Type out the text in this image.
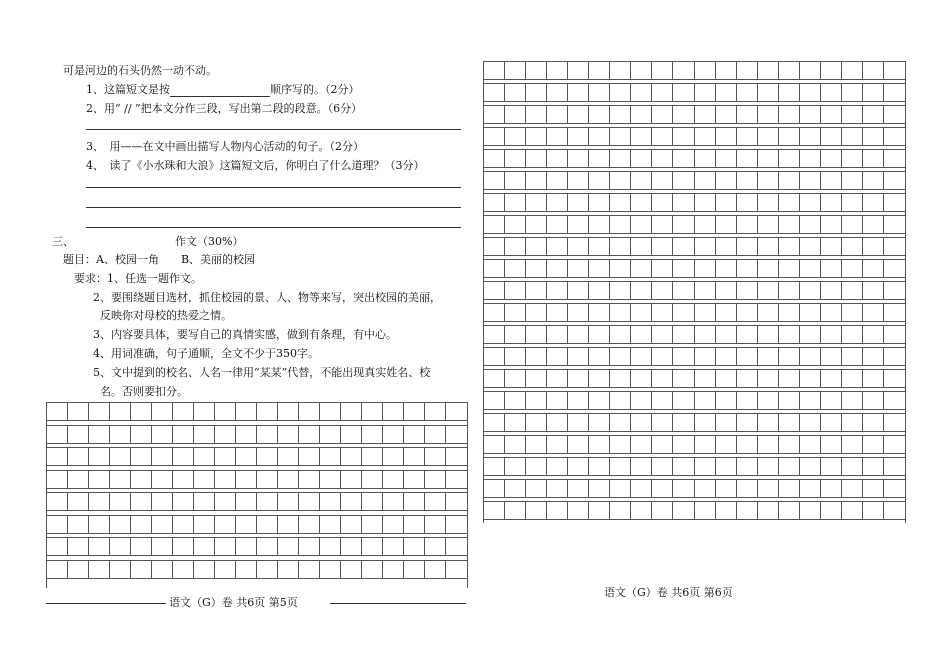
可是河边的石头仍然一动不动。
1、这篇短文是按	顺序写的。（2分）
2、用“ // ”把本文分作三段，写出第二段的段意。（6分）
3、　用——在文中画出描写人物内心活动的句子。（2分）
4、　读了《小水珠和大浪》这篇短文后，你明白了什么道理？（3分）
三、	作文（30%）
题目：A、校园一角　　B、美丽的校园
要求：1、任选一题作文。
2、要围绕题目选材，抓住校园的景、人、物等来写，突出校园的美丽，
反映你对母校的热爱之情。
3、内容要具体，要写自己的真情实感，做到有条理，有中心。
4、用词准确，句子通顺，全文不少于350字。
5、文中提到的校名、人名一律用“某某”代替，不能出现真实姓名、校
名。否则要扣分。
语文（G）卷 共6页 第5页
语文（G）卷 共6页 第6页
